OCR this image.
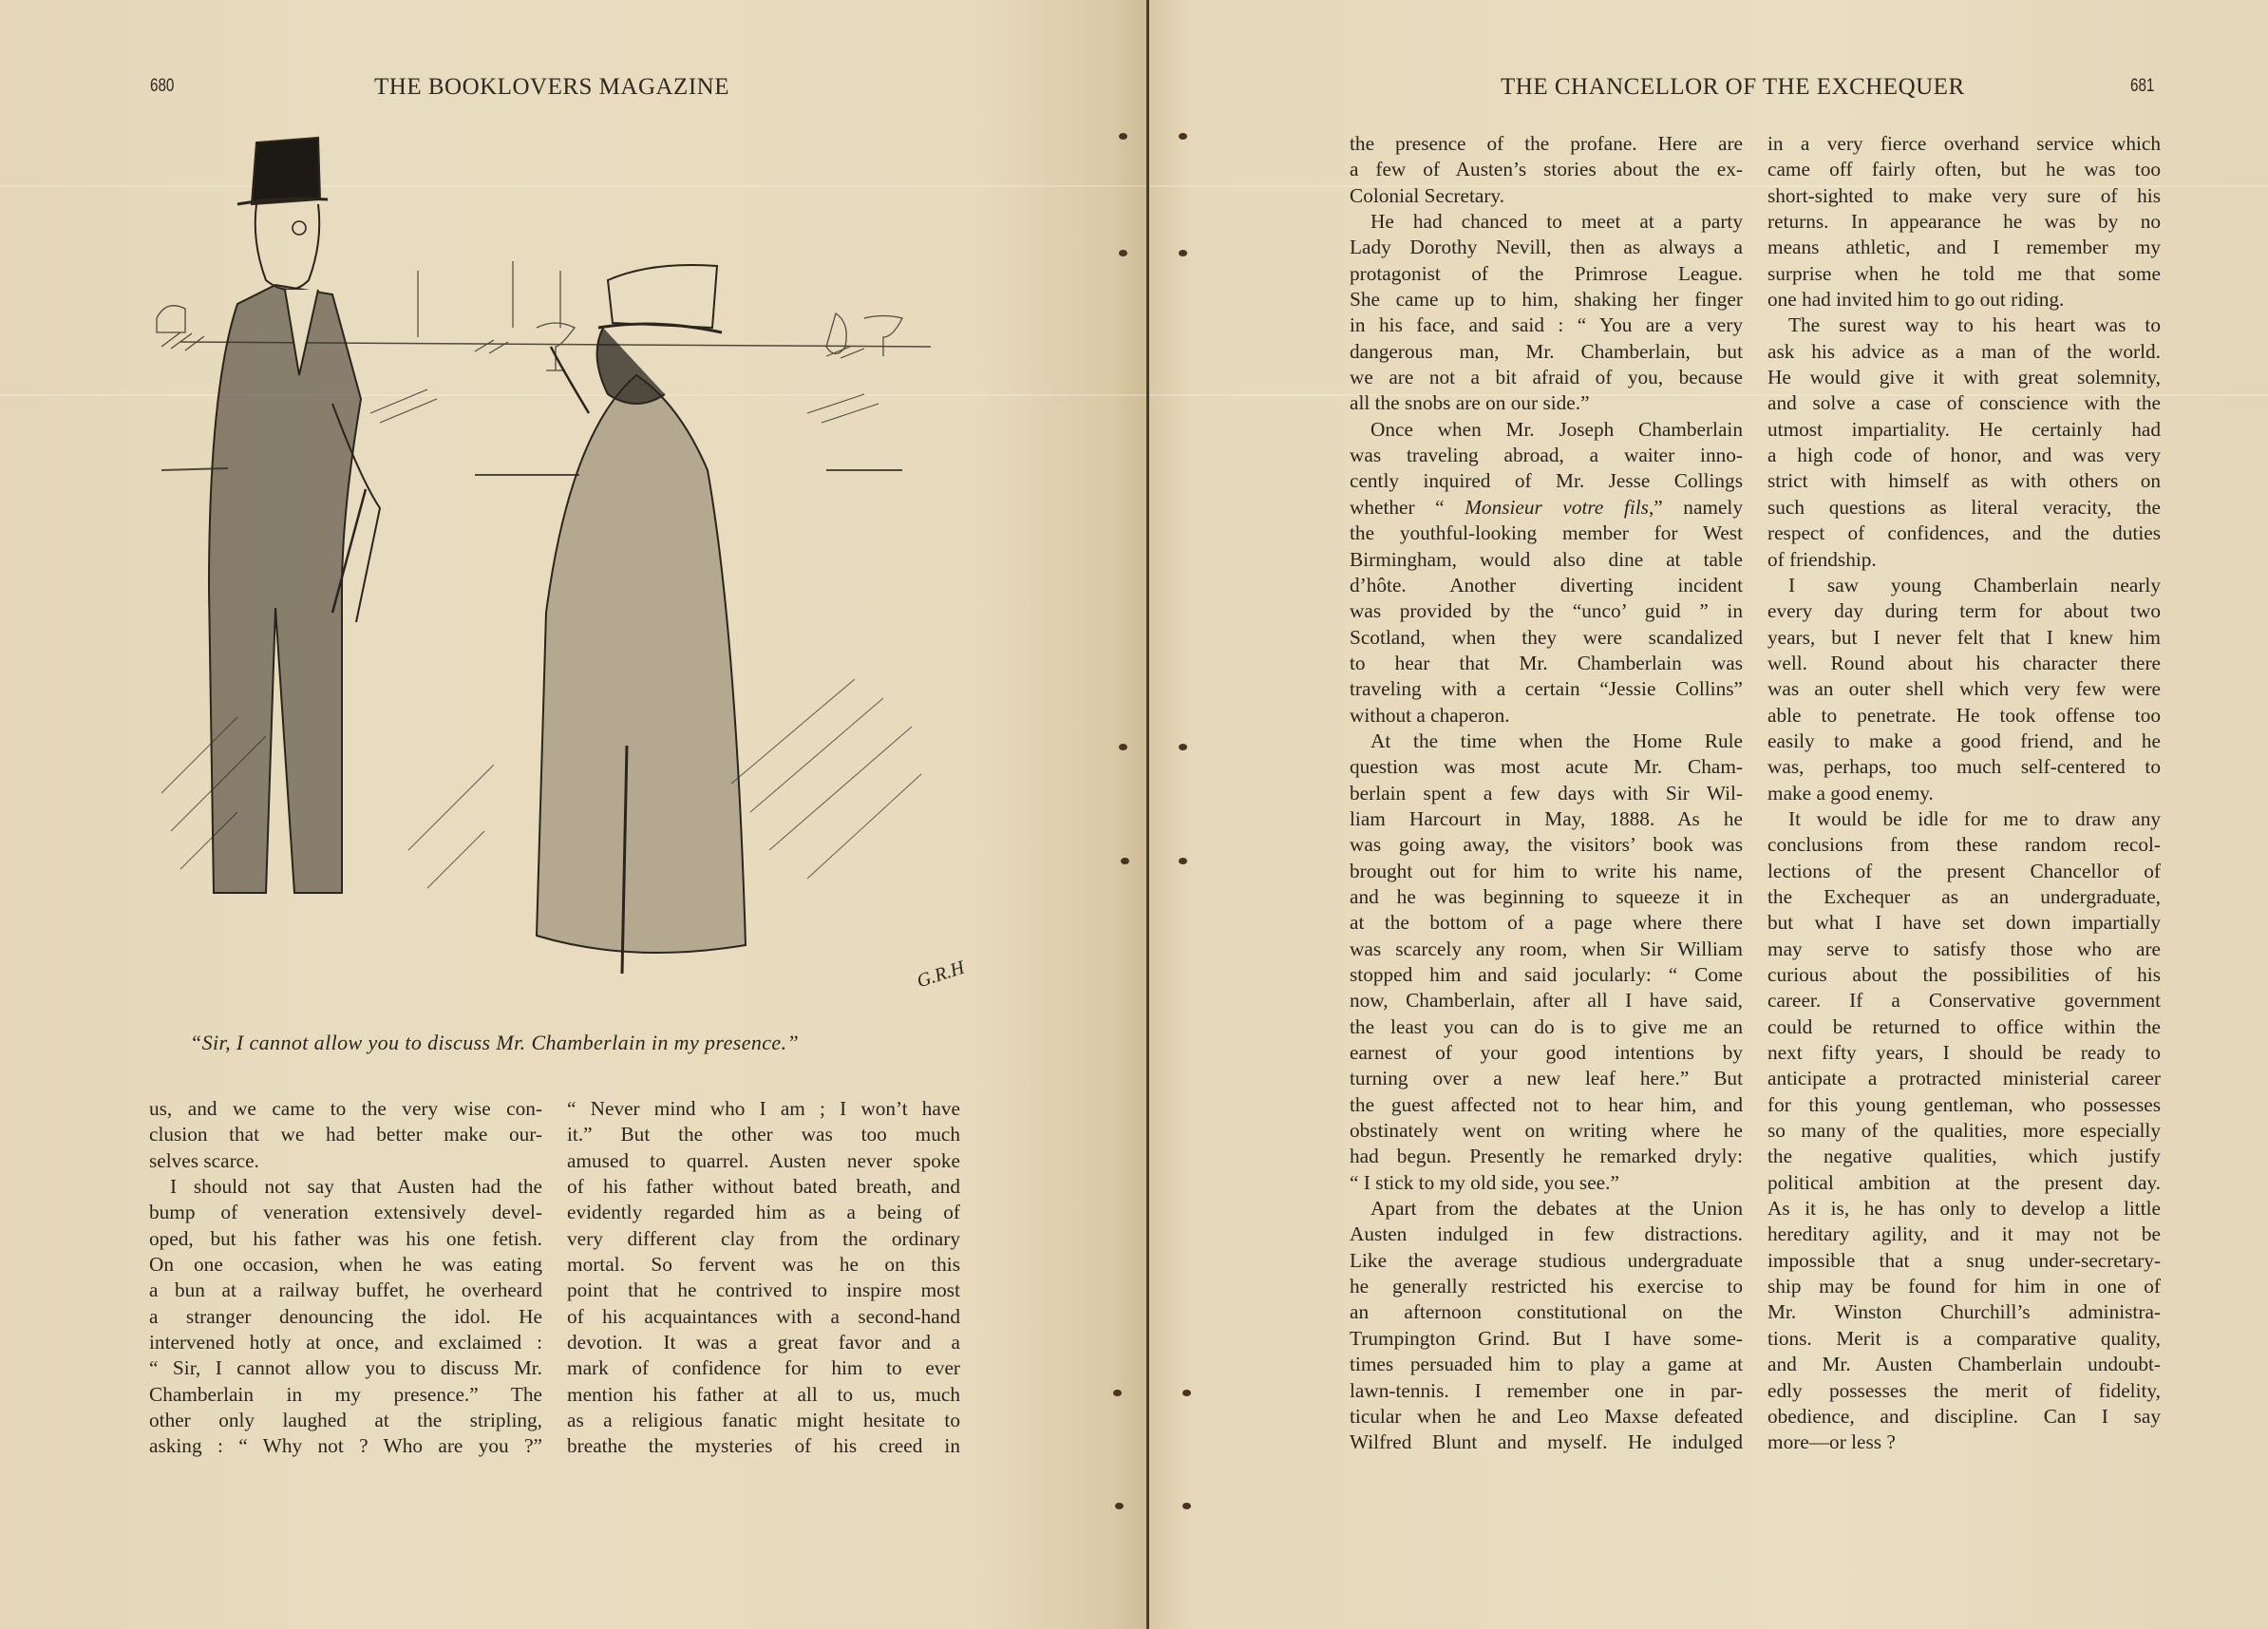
680	THE BOOKLOVERS MAGAZINE	THE CHANCELLOR OF THE EXCHEQUER	681
G.R.H
“Sir, I cannot allow you to discuss Mr. Chamberlain in my presence.”
us, and we came to the very wise con-
clusion that we had better make our-
selves scarce.
I should not say that Austen had the
bump of veneration extensively devel-
oped, but his father was his one fetish.
On one occasion, when he was eating
a bun at a railway buffet, he overheard
a stranger denouncing the idol. He
intervened hotly at once, and exclaimed :
“ Sir, I cannot allow you to discuss Mr.
Chamberlain in my presence.” The
other only laughed at the stripling,
asking : “ Why not ? Who are you ?”
“ Never mind who I am ; I won’t have
it.” But the other was too much
amused to quarrel. Austen never spoke
of his father without bated breath, and
evidently regarded him as a being of
very different clay from the ordinary
mortal. So fervent was he on this
point that he contrived to inspire most
of his acquaintances with a second-hand
devotion. It was a great favor and a
mark of confidence for him to ever
mention his father at all to us, much
as a religious fanatic might hesitate to
breathe the mysteries of his creed in
the presence of the profane. Here are
a few of Austen’s stories about the ex-
Colonial Secretary.
He had chanced to meet at a party
Lady Dorothy Nevill, then as always a
protagonist of the Primrose League.
She came up to him, shaking her finger
in his face, and said : “ You are a very
dangerous man, Mr. Chamberlain, but
we are not a bit afraid of you, because
all the snobs are on our side.”
Once when Mr. Joseph Chamberlain
was traveling abroad, a waiter inno-
cently inquired of Mr. Jesse Collings
whether “ Monsieur votre fils,” namely
the youthful-looking member for West
Birmingham, would also dine at table
d’hôte. Another diverting incident
was provided by the “unco’ guid ” in
Scotland, when they were scandalized
to hear that Mr. Chamberlain was
traveling with a certain “Jessie Collins”
without a chaperon.
At the time when the Home Rule
question was most acute Mr. Cham-
berlain spent a few days with Sir Wil-
liam Harcourt in May, 1888. As he
was going away, the visitors’ book was
brought out for him to write his name,
and he was beginning to squeeze it in
at the bottom of a page where there
was scarcely any room, when Sir William
stopped him and said jocularly: “ Come
now, Chamberlain, after all I have said,
the least you can do is to give me an
earnest of your good intentions by
turning over a new leaf here.” But
the guest affected not to hear him, and
obstinately went on writing where he
had begun. Presently he remarked dryly:
“ I stick to my old side, you see.”
Apart from the debates at the Union
Austen indulged in few distractions.
Like the average studious undergraduate
he generally restricted his exercise to
an afternoon constitutional on the
Trumpington Grind. But I have some-
times persuaded him to play a game at
lawn-tennis. I remember one in par-
ticular when he and Leo Maxse defeated
Wilfred Blunt and myself. He indulged
in a very fierce overhand service which
came off fairly often, but he was too
short-sighted to make very sure of his
returns. In appearance he was by no
means athletic, and I remember my
surprise when he told me that some
one had invited him to go out riding.
The surest way to his heart was to
ask his advice as a man of the world.
He would give it with great solemnity,
and solve a case of conscience with the
utmost impartiality. He certainly had
a high code of honor, and was very
strict with himself as with others on
such questions as literal veracity, the
respect of confidences, and the duties
of friendship.
I saw young Chamberlain nearly
every day during term for about two
years, but I never felt that I knew him
well. Round about his character there
was an outer shell which very few were
able to penetrate. He took offense too
easily to make a good friend, and he
was, perhaps, too much self-centered to
make a good enemy.
It would be idle for me to draw any
conclusions from these random recol-
lections of the present Chancellor of
the Exchequer as an undergraduate,
but what I have set down impartially
may serve to satisfy those who are
curious about the possibilities of his
career. If a Conservative government
could be returned to office within the
next fifty years, I should be ready to
anticipate a protracted ministerial career
for this young gentleman, who possesses
so many of the qualities, more especially
the negative qualities, which justify
political ambition at the present day.
As it is, he has only to develop a little
hereditary agility, and it may not be
impossible that a snug under-secretary-
ship may be found for him in one of
Mr. Winston Churchill’s administra-
tions. Merit is a comparative quality,
and Mr. Austen Chamberlain undoubt-
edly possesses the merit of fidelity,
obedience, and discipline. Can I say
more—or less ?
